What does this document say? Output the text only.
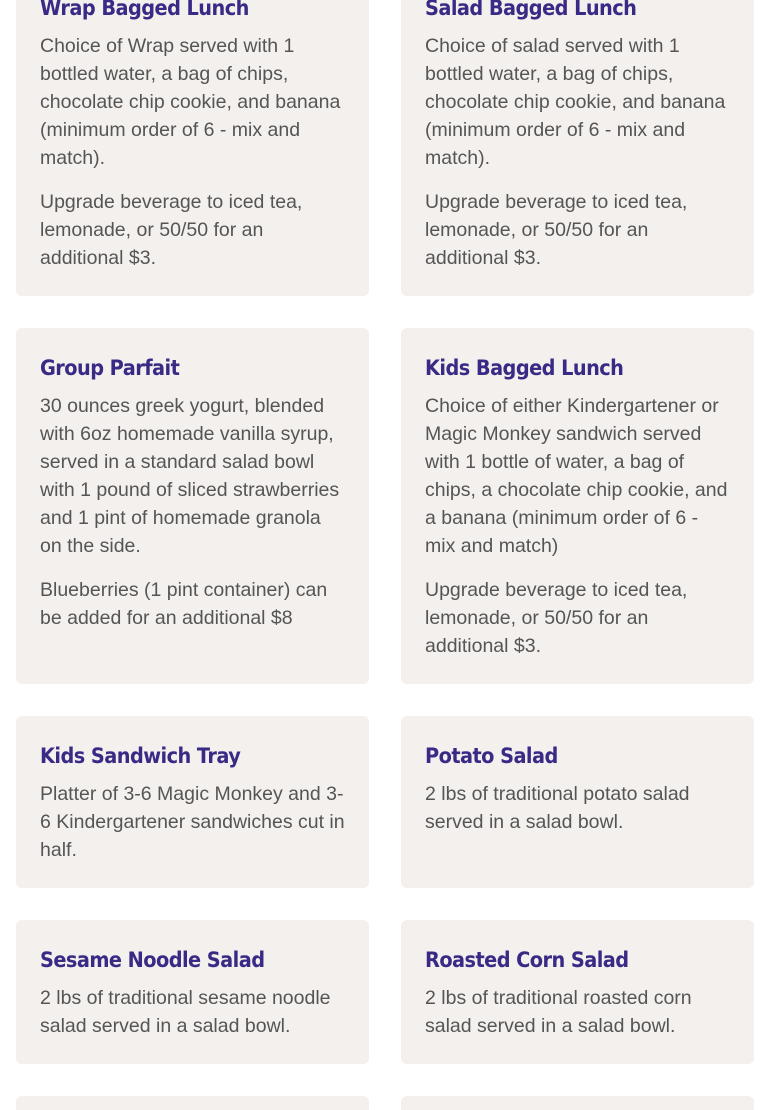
Wrap Bagged Lunch

Choice of Wrap served with 1 bottled water, a bag of chips, chocolate chip cookie, and banana (minimum order of 6 - mix and match).

Upgrade beverage to iced tea, lemonade, or 50/50 for an additional $3.

Salad Bagged Lunch

Choice of salad served with 1 bottled water, a bag of chips, chocolate chip cookie, and banana (minimum order of 6 - mix and match).

Upgrade beverage to iced tea, lemonade, or 50/50 for an additional $3.

Group Parfait

30 ounces greek yogurt, blended with 6oz homemade vanilla syrup, served in a standard salad bowl with 1 pound of sliced strawberries and 1 pint of homemade granola on the side.

Blueberries (1 pint container) can be added for an additional $8

Kids Bagged Lunch

Choice of either Kindergartener or Magic Monkey sandwich served with 1 bottle of water, a bag of chips, a chocolate chip cookie, and a banana (minimum order of 6 - mix and match)

Upgrade beverage to iced tea, lemonade, or 50/50 for an additional $3.

Kids Sandwich Tray

Platter of 3-6 Magic Monkey and 3-6 Kindergartener sandwiches cut in half.

Potato Salad

2 lbs of traditional potato salad served in a salad bowl.

Sesame Noodle Salad

2 lbs of traditional sesame noodle salad served in a salad bowl.

Roasted Corn Salad

2 lbs of traditional roasted corn salad served in a salad bowl.
